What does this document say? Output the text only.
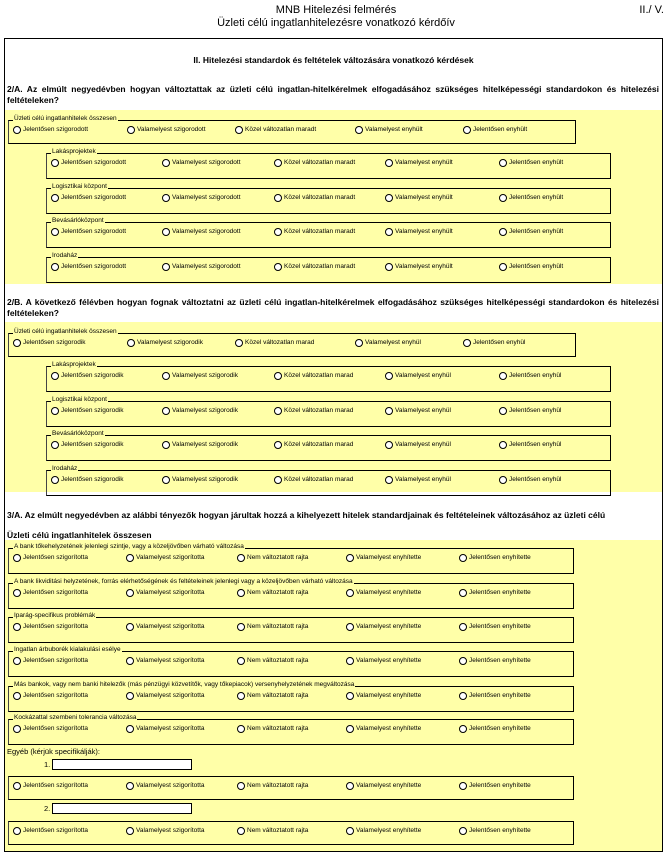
MNB Hitelezési felmérés
Üzleti célú ingatlanhitelezésre vonatkozó kérdőív
II./ V.
II. Hitelezési standardok és feltételek változására vonatkozó kérdések
2/A. Az elmúlt negyedévben hogyan változtattak az üzleti célú ingatlan-hitelkérelmek elfogadásához szükséges hitelképességi standardokon és hitelezési feltételeken?
2/B. A következő félévben hogyan fognak változtatni az üzleti célú ingatlan-hitelkérelmek elfogadásához szükséges hitelképességi standardokon és hitelezési feltételeken?
3/A. Az elmúlt negyedévben az alábbi tényezők hogyan járultak hozzá a kihelyezett hitelek standardjainak és feltételeinek változásához az üzleti célú
Üzleti célú ingatlanhitelek összesen
Üzleti célú ingatlanhitelek összesen
Jelentősen szigorodott	Valamelyest szigorodott	Közel változatlan maradt	Valamelyest enyhült	Jelentősen enyhült
Lakásprojektek
Jelentősen szigorodott	Valamelyest szigorodott	Közel változatlan maradt	Valamelyest enyhült	Jelentősen enyhült
Logisztikai központ
Jelentősen szigorodott	Valamelyest szigorodott	Közel változatlan maradt	Valamelyest enyhült	Jelentősen enyhült
Bevásárlóközpont
Jelentősen szigorodott	Valamelyest szigorodott	Közel változatlan maradt	Valamelyest enyhült	Jelentősen enyhült
Irodaház
Jelentősen szigorodott	Valamelyest szigorodott	Közel változatlan maradt	Valamelyest enyhült	Jelentősen enyhült
Üzleti célú ingatlanhitelek összesen
Jelentősen szigorodik	Valamelyest szigorodik	Közel változatlan marad	Valamelyest enyhül	Jelentősen enyhül
Lakásprojektek
Jelentősen szigorodik	Valamelyest szigorodik	Közel változatlan marad	Valamelyest enyhül	Jelentősen enyhül
Logisztikai központ
Jelentősen szigorodik	Valamelyest szigorodik	Közel változatlan marad	Valamelyest enyhül	Jelentősen enyhül
Bevásárlóközpont
Jelentősen szigorodik	Valamelyest szigorodik	Közel változatlan marad	Valamelyest enyhül	Jelentősen enyhül
Irodaház
Jelentősen szigorodik	Valamelyest szigorodik	Közel változatlan marad	Valamelyest enyhül	Jelentősen enyhül
A bank tőkehelyzetének jelenlegi szintje, vagy a közeljövőben várható változása
Jelentősen szigorította	Valamelyest szigorította	Nem változtatott rajta	Valamelyest enyhítette	Jelentősen enyhítette
A bank likviditási helyzetének, forrás elérhetőségének és feltételeinek jelenlegi vagy a közeljövőben várható változása
Jelentősen szigorította	Valamelyest szigorította	Nem változtatott rajta	Valamelyest enyhítette	Jelentősen enyhítette
Iparág-specifikus problémák
Jelentősen szigorította	Valamelyest szigorította	Nem változtatott rajta	Valamelyest enyhítette	Jelentősen enyhítette
Ingatlan árbuborék kialakulási esélye
Jelentősen szigorította	Valamelyest szigorította	Nem változtatott rajta	Valamelyest enyhítette	Jelentősen enyhítette
Más bankok, vagy nem banki hitelezők (más pénzügyi közvetítők, vagy tőkepiacok) versenyhelyzetének megváltozása
Jelentősen szigorította	Valamelyest szigorította	Nem változtatott rajta	Valamelyest enyhítette	Jelentősen enyhítette
Kockázattal szembeni tolerancia változása
Jelentősen szigorította	Valamelyest szigorította	Nem változtatott rajta	Valamelyest enyhítette	Jelentősen enyhítette
Jelentősen szigorította	Valamelyest szigorította	Nem változtatott rajta	Valamelyest enyhítette	Jelentősen enyhítette
Jelentősen szigorította	Valamelyest szigorította	Nem változtatott rajta	Valamelyest enyhítette	Jelentősen enyhítette
Egyéb (kérjük specifikálják):
1.
2.
